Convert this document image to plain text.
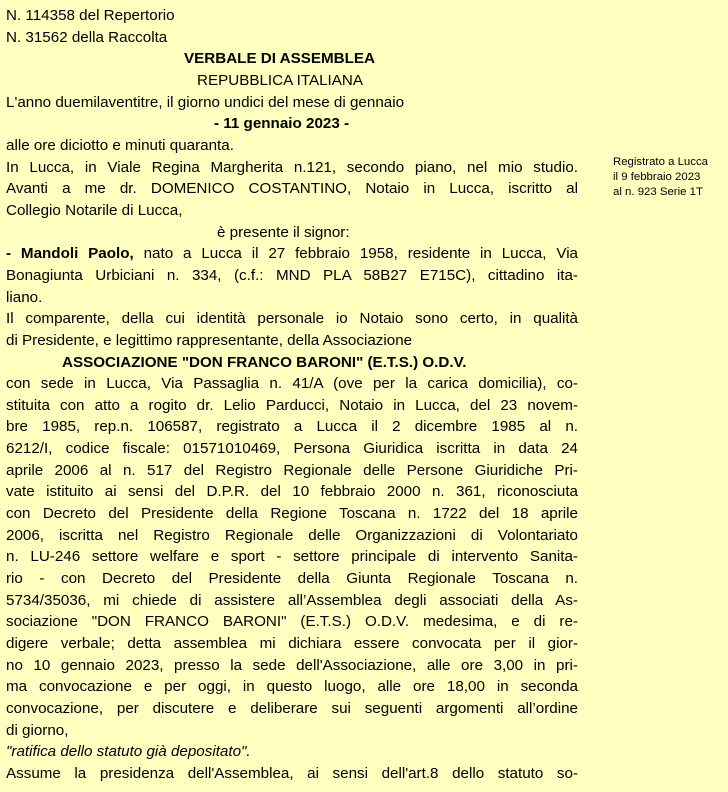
N. 114358 del Repertorio
N. 31562 della Raccolta
VERBALE DI ASSEMBLEA
REPUBBLICA ITALIANA
L'anno duemilaventitre, il giorno undici del mese di gennaio
- 11 gennaio 2023 -
alle ore diciotto e minuti quaranta.
In Lucca, in Viale Regina Margherita n.121, secondo piano, nel mio studio.
Avanti a me dr. DOMENICO COSTANTINO, Notaio in Lucca, iscritto al
Collegio Notarile di Lucca,
è presente il signor:
- Mandoli Paolo, nato a Lucca il 27 febbraio 1958, residente in Lucca, Via
Bonagiunta Urbiciani n. 334, (c.f.: MND PLA 58B27 E715C), cittadino ita-
liano.
Il comparente, della cui identità personale io Notaio sono certo, in qualità
di Presidente, e legittimo rappresentante, della Associazione
ASSOCIAZIONE "DON FRANCO BARONI" (E.T.S.) O.D.V.
con sede in Lucca, Via Passaglia n. 41/A (ove per la carica domicilia), co-
stituita con atto a rogito dr. Lelio Parducci, Notaio in Lucca, del 23 novem-
bre 1985, rep.n. 106587, registrato a Lucca il 2 dicembre 1985 al n.
6212/I, codice fiscale: 01571010469, Persona Giuridica iscritta in data 24
aprile 2006 al n. 517 del Registro Regionale delle Persone Giuridiche Pri-
vate istituito ai sensi del D.P.R. del 10 febbraio 2000 n. 361, riconosciuta
con Decreto del Presidente della Regione Toscana n. 1722 del 18 aprile
2006, iscritta nel Registro Regionale delle Organizzazioni di Volontariato
n. LU-246 settore welfare e sport - settore principale di intervento Sanita-
rio - con Decreto del Presidente della Giunta Regionale Toscana n.
5734/35036, mi chiede di assistere all’Assemblea degli associati della As-
sociazione "DON FRANCO BARONI" (E.T.S.) O.D.V. medesima, e di re-
digere verbale; detta assemblea mi dichiara essere convocata per il gior-
no 10 gennaio 2023, presso la sede dell'Associazione, alle ore 3,00 in pri-
ma convocazione e per oggi, in questo luogo, alle ore 18,00 in seconda
convocazione, per discutere e deliberare sui seguenti argomenti all’ordine
di giorno,
"ratifica dello statuto già depositato".
Assume la presidenza dell'Assemblea, ai sensi dell'art.8 dello statuto so-
Registrato a Lucca
il 9 febbraio 2023
al n. 923 Serie 1T
